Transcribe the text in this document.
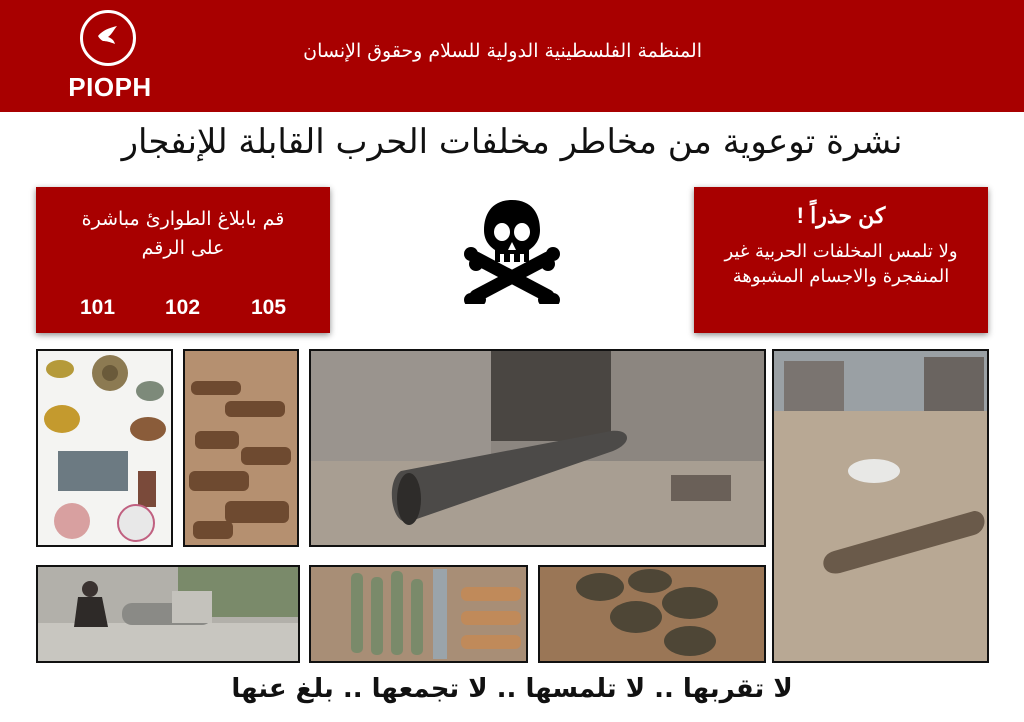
PIOPH
المنظمة الفلسطينية الدولية للسلام وحقوق الإنسان
نشرة توعوية من مخاطر مخلفات الحرب القابلة للإنفجار
قم بابلاغ الطوارئ مباشرة
على الرقم
101 102 105
كن حذراً !
ولا تلمس المخلفات الحربية غير المنفجرة والاجسام المشبوهة
لا تقربها .. لا تلمسها .. لا تجمعها .. بلغ عنها
